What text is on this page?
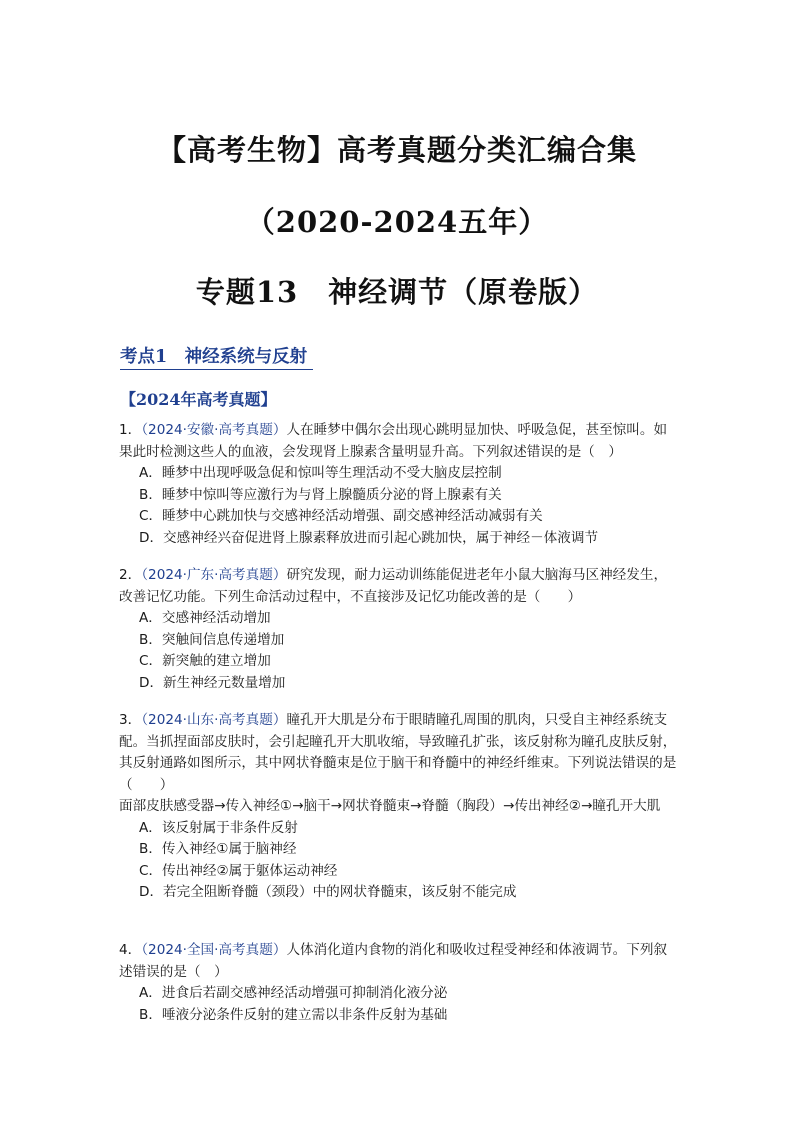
【高考生物】高考真题分类汇编合集
（2020-2024五年）
专题13　神经调节（原卷版）
考点1　神经系统与反射
【2024年高考真题】
1．（2024·安徽·高考真题）人在睡梦中偶尔会出现心跳明显加快、呼吸急促，甚至惊叫。如果此时检测这些人的血液，会发现肾上腺素含量明显升高。下列叙述错误的是（　）
A．睡梦中出现呼吸急促和惊叫等生理活动不受大脑皮层控制
B．睡梦中惊叫等应激行为与肾上腺髓质分泌的肾上腺素有关
C．睡梦中心跳加快与交感神经活动增强、副交感神经活动减弱有关
D．交感神经兴奋促进肾上腺素释放进而引起心跳加快，属于神经－体液调节
2．（2024·广东·高考真题）研究发现，耐力运动训练能促进老年小鼠大脑海马区神经发生，改善记忆功能。下列生命活动过程中，不直接涉及记忆功能改善的是（　　）
A．交感神经活动增加
B．突触间信息传递增加
C．新突触的建立增加
D．新生神经元数量增加
3．（2024·山东·高考真题）瞳孔开大肌是分布于眼睛瞳孔周围的肌肉，只受自主神经系统支配。当抓捏面部皮肤时，会引起瞳孔开大肌收缩，导致瞳孔扩张，该反射称为瞳孔皮肤反射，其反射通路如图所示，其中网状脊髓束是位于脑干和脊髓中的神经纤维束。下列说法错误的是（　　）
面部皮肤感受器→传入神经①→脑干→网状脊髓束→脊髓（胸段）→传出神经②→瞳孔开大肌
A．该反射属于非条件反射
B．传入神经①属于脑神经
C．传出神经②属于躯体运动神经
D．若完全阻断脊髓（颈段）中的网状脊髓束，该反射不能完成
4．（2024·全国·高考真题）人体消化道内食物的消化和吸收过程受神经和体液调节。下列叙述错误的是（　）
A．进食后若副交感神经活动增强可抑制消化液分泌
B．唾液分泌条件反射的建立需以非条件反射为基础
